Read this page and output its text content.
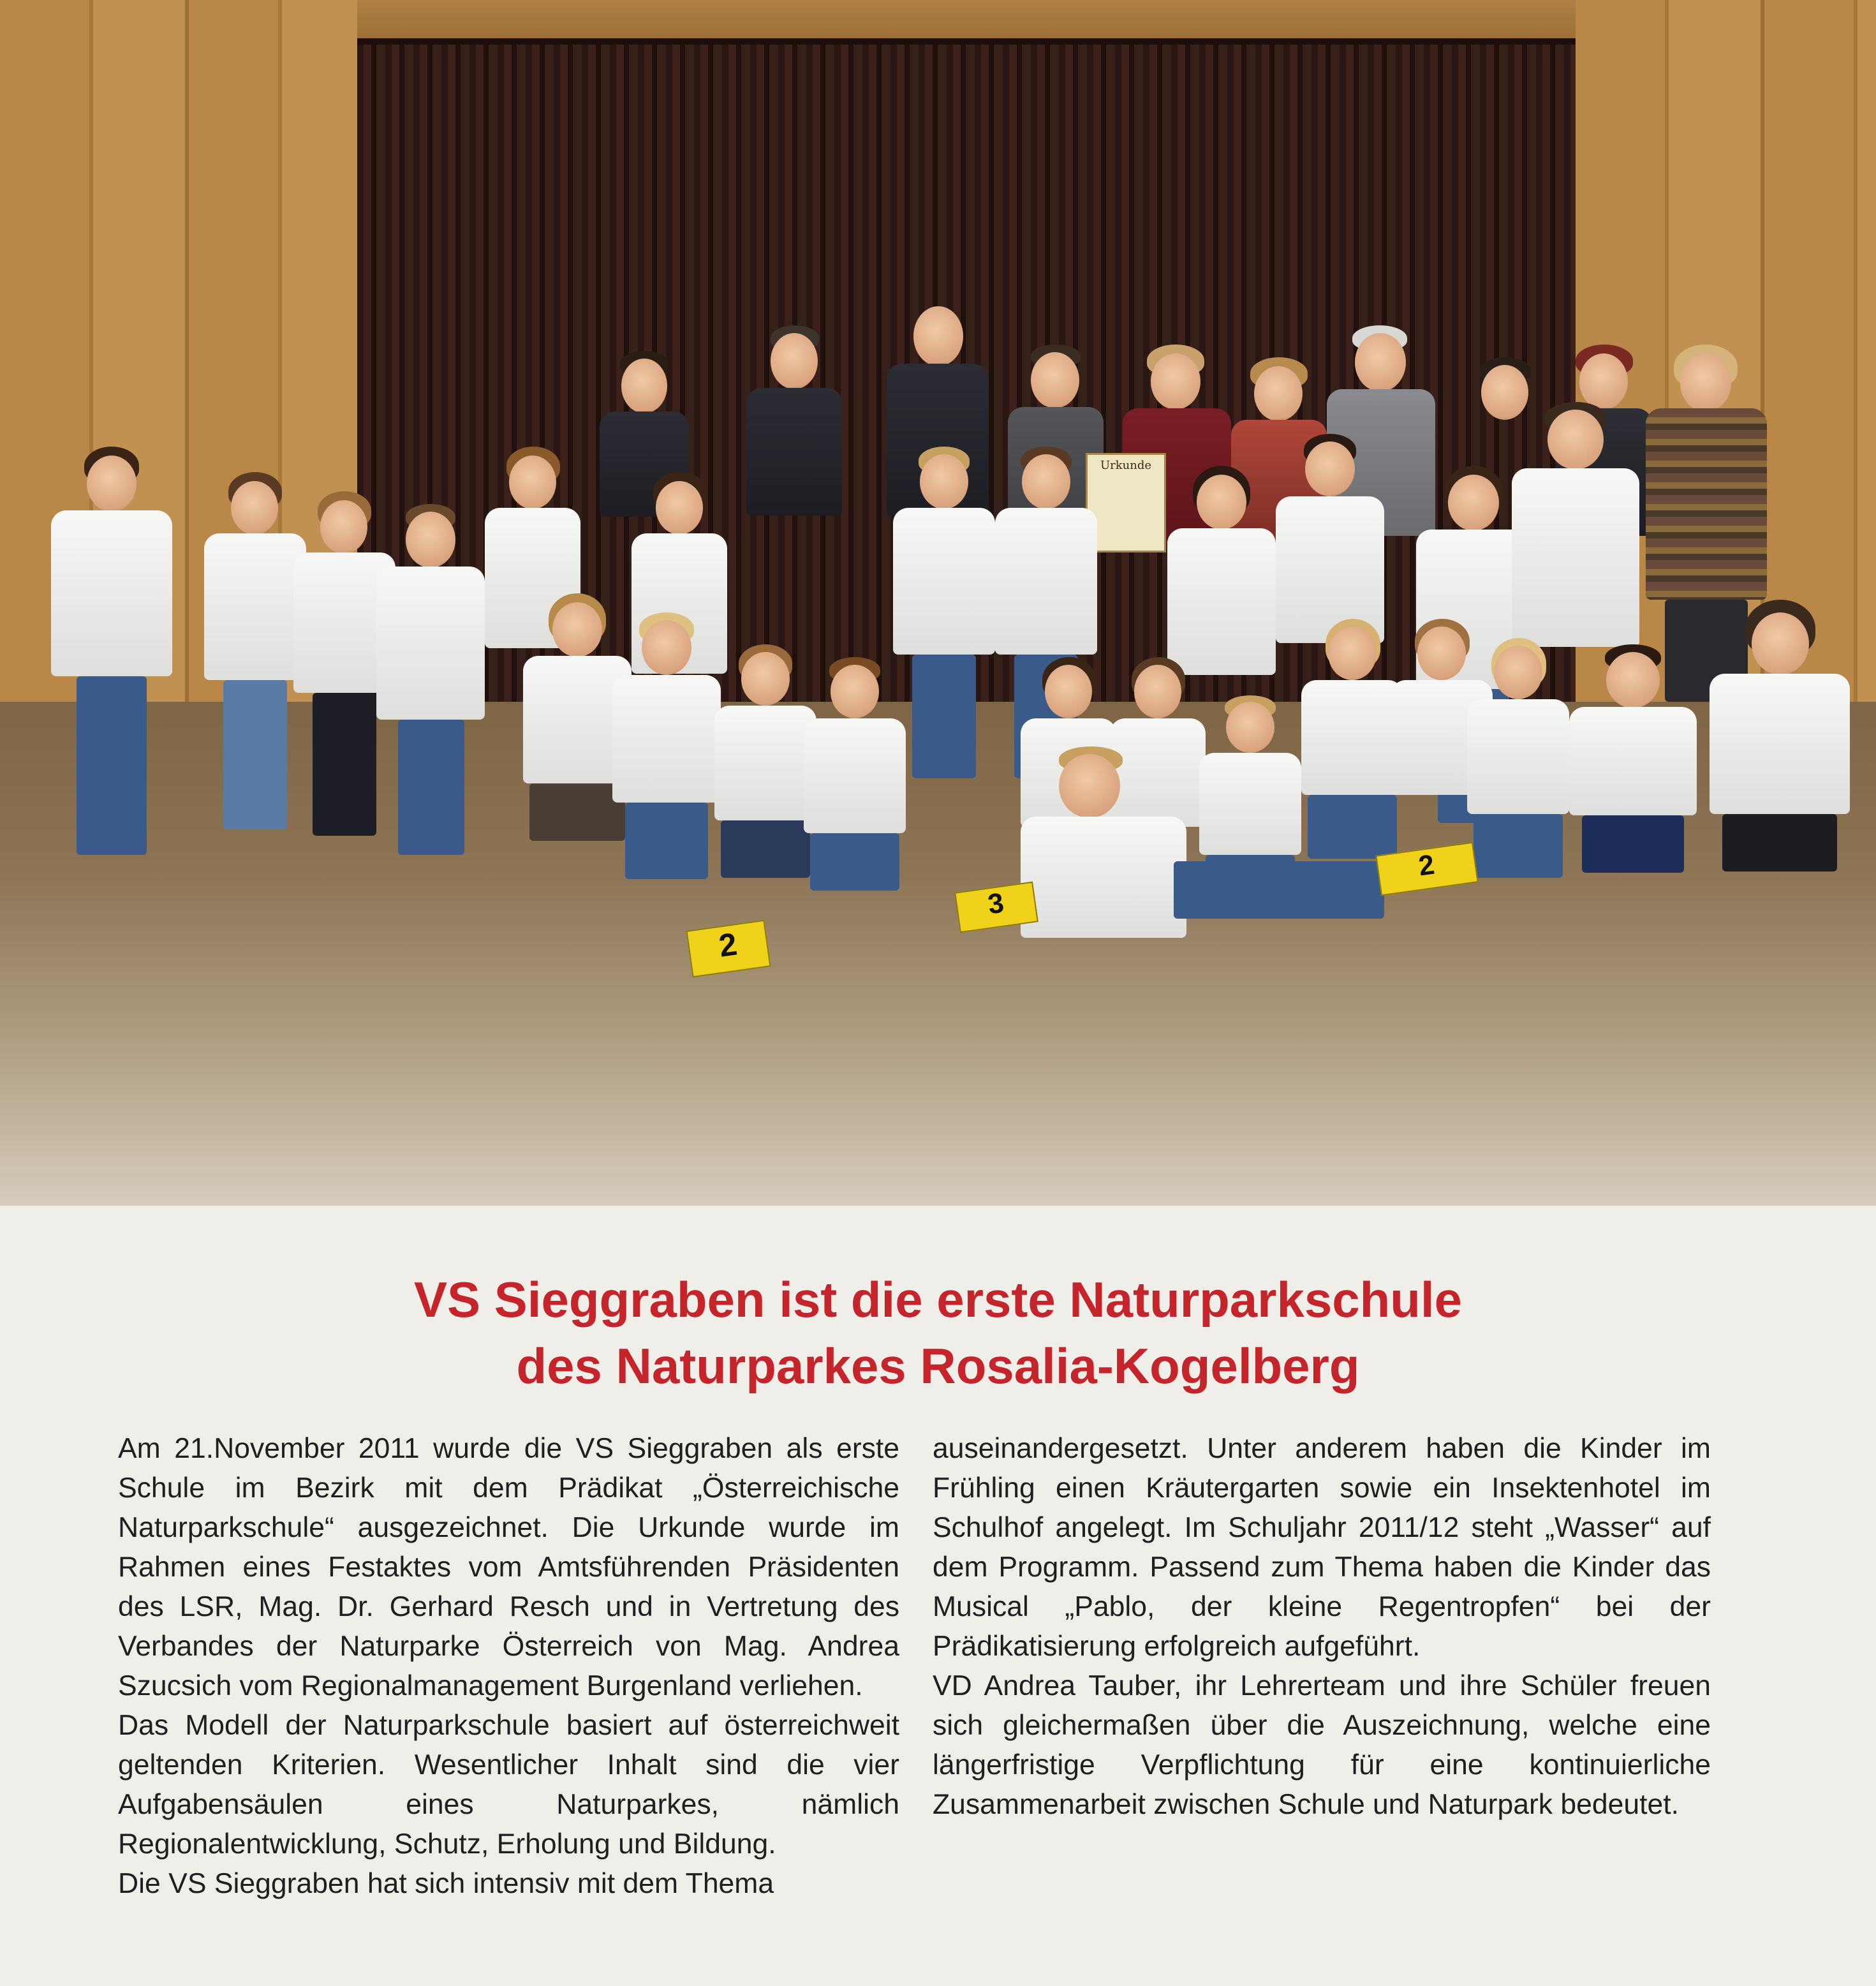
Urkunde
2
3
2
VS Sieggraben ist die erste Naturparkschule
des Naturparkes Rosalia-Kogelberg

Am 21.November 2011 wurde die VS Sieggraben als erste Schule im Bezirk mit dem Prädikat „Österreichische Naturparkschule“ ausgezeichnet. Die Urkunde wurde im Rahmen eines Festaktes vom Amtsführenden Präsidenten des LSR, Mag. Dr. Gerhard Resch und in Vertretung des Verbandes der Naturparke Österreich von Mag. Andrea Szucsich vom Regionalmanagement Burgenland verliehen.

Das Modell der Naturparkschule basiert auf österreichweit geltenden Kriterien. Wesentlicher Inhalt sind die vier Aufgabensäulen eines Naturparkes, nämlich Regionalentwicklung, Schutz, Erholung und Bildung.

Die VS Sieggraben hat sich intensiv mit dem Thema

auseinandergesetzt. Unter anderem haben die Kinder im Frühling einen Kräutergarten sowie ein Insektenhotel im Schulhof angelegt. Im Schuljahr 2011/12 steht „Wasser“ auf dem Programm. Passend zum Thema haben die Kinder das Musical „Pablo, der kleine Regentropfen“ bei der Prädikatisierung erfolgreich aufgeführt.

VD Andrea Tauber, ihr Lehrerteam und ihre Schüler freuen sich gleichermaßen über die Auszeichnung, welche eine längerfristige Verpflichtung für eine kontinuierliche Zusammenarbeit zwischen Schule und Naturpark bedeutet.
